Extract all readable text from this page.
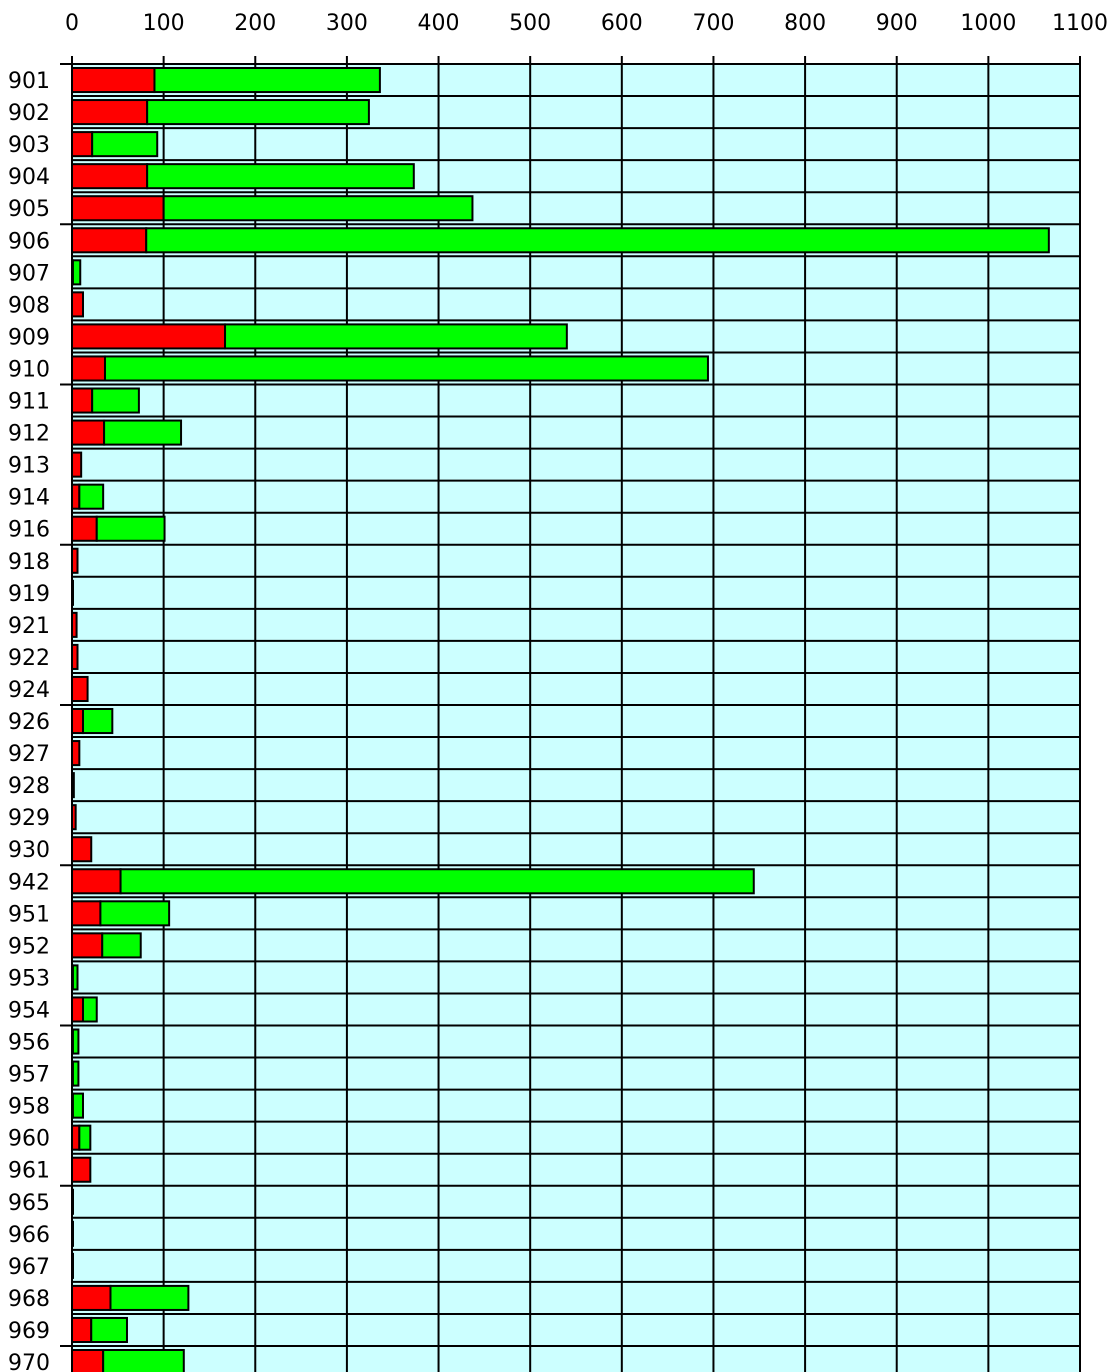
0	100 200 300 400 500 600 700 800 900 1000 1100
901
902
903
904
905
906
907
908
909
910
911
912
913
914
916
918
919
921
922
924
926
927
928
929
930
942
951
952
953
954
956
957
958
960
961
965
966
967
968
969
970
